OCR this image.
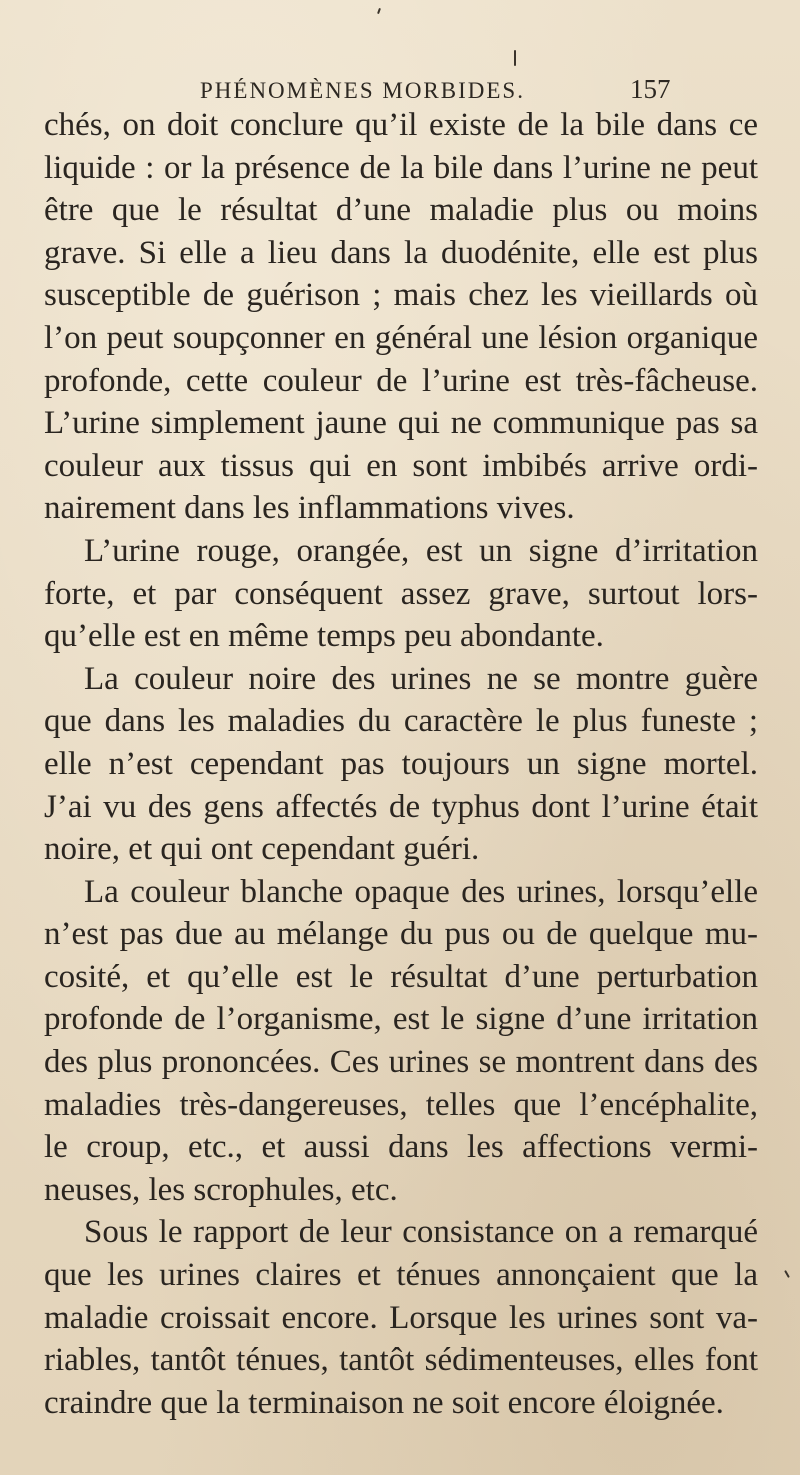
PHÉNOMÈNES MORBIDES.	157
chés, on doit conclure qu’il existe de la bile dans ce
liquide : or la présence de la bile dans l’urine ne peut
être que le résultat d’une maladie plus ou moins
grave. Si elle a lieu dans la duodénite, elle est plus
susceptible de guérison ; mais chez les vieillards où
l’on peut soupçonner en général une lésion organique
profonde, cette couleur de l’urine est très-fâcheuse.
L’urine simplement jaune qui ne communique pas sa
couleur aux tissus qui en sont imbibés arrive ordi-
nairement dans les inflammations vives.
L’urine rouge, orangée, est un signe d’irritation
forte, et par conséquent assez grave, surtout lors-
qu’elle est en même temps peu abondante.
La couleur noire des urines ne se montre guère
que dans les maladies du caractère le plus funeste ;
elle n’est cependant pas toujours un signe mortel.
J’ai vu des gens affectés de typhus dont l’urine était
noire, et qui ont cependant guéri.
La couleur blanche opaque des urines, lorsqu’elle
n’est pas due au mélange du pus ou de quelque mu-
cosité, et qu’elle est le résultat d’une perturbation
profonde de l’organisme, est le signe d’une irritation
des plus prononcées. Ces urines se montrent dans des
maladies très-dangereuses, telles que l’encéphalite,
le croup, etc., et aussi dans les affections vermi-
neuses, les scrophules, etc.
Sous le rapport de leur consistance on a remarqué
que les urines claires et ténues annonçaient que la
maladie croissait encore. Lorsque les urines sont va-
riables, tantôt ténues, tantôt sédimenteuses, elles font
craindre que la terminaison ne soit encore éloignée.
